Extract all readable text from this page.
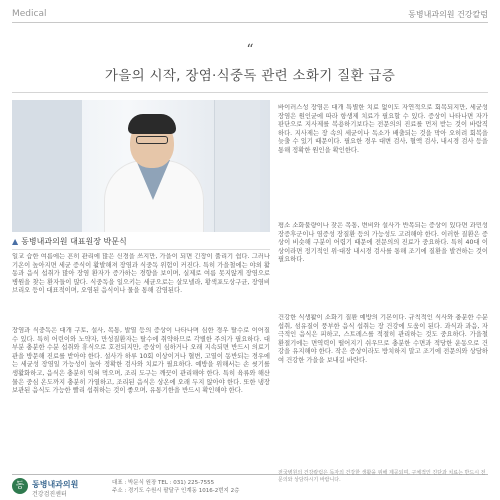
Medical	동병내과의원 건강칼럼
“
가을의 시작, 장염·식중독 관련 소화기 질환 급증
▲ 동병내과의원 대표원장 박문식
일교 습한 여름에는 흔히 관리에 많은 신경을 쓰지만, 가을이 되면 긴장이 풀리기 쉽다. 그러나 기온이 높아지면 세균 증식이 활발해져 장염과 식중독 위험이 커진다. 특히 가을철에는 야외 활동과 음식 섭취가 많아 장염 환자가 증가하는 경향을 보이며, 실제로 여름 못지않게 장염으로 병원을 찾는 환자들이 많다. 식중독을 일으키는 세균으로는 살모넬라, 황색포도상구균, 장염비브리오 등이 대표적이며, 오염된 음식이나 물을 통해 감염된다.
장염과 식중독은 대개 구토, 설사, 복통, 발열 등의 증상이 나타나며 심한 경우 탈수로 이어질 수 있다. 특히 어린이와 노약자, 만성질환자는 탈수에 취약하므로 각별한 주의가 필요하다. 대부분 충분한 수분 섭취와 휴식으로 호전되지만, 증상이 심하거나 오래 지속되면 반드시 의료기관을 방문해 진료를 받아야 한다. 설사가 하루 10회 이상이거나 혈변, 고열이 동반되는 경우에는 세균성 장염일 가능성이 높아 정확한 검사와 치료가 필요하다. 예방을 위해서는 손 씻기를 생활화하고, 음식은 충분히 익혀 먹으며, 조리 도구는 깨끗이 관리해야 한다. 특히 육류와 해산물은 중심 온도까지 충분히 가열하고, 조리된 음식은 상온에 오래 두지 않아야 한다. 또한 냉장 보관된 음식도 가능한 빨리 섭취하는 것이 좋으며, 유통기한을 반드시 확인해야 한다.
바이러스성 장염은 대개 특별한 치료 없이도 자연적으로 회복되지만, 세균성 장염은 원인균에 따라 항생제 치료가 필요할 수 있다. 증상이 나타나면 자가 판단으로 지사제를 복용하기보다는 전문의의 진료를 먼저 받는 것이 바람직하다. 지사제는 장 속의 세균이나 독소가 배출되는 것을 막아 오히려 회복을 늦출 수 있기 때문이다. 필요한 경우 대변 검사, 혈액 검사, 내시경 검사 등을 통해 정확한 원인을 확인한다.
평소 소화불량이나 잦은 복통, 변비와 설사가 반복되는 증상이 있다면 과민성 장증후군이나 염증성 장질환 등의 가능성도 고려해야 한다. 이러한 질환은 증상이 비슷해 구분이 어렵기 때문에 전문의의 진료가 중요하다. 특히 40대 이상이라면 정기적인 위·대장 내시경 검사를 통해 조기에 질환을 발견하는 것이 필요하다.
건강한 식생활이 소화기 질환 예방의 기본이다. 규칙적인 식사와 충분한 수분 섭취, 섬유질이 풍부한 음식 섭취는 장 건강에 도움이 된다. 과식과 과음, 자극적인 음식은 피하고, 스트레스를 적절히 관리하는 것도 중요하다. 가을철 환절기에는 면역력이 떨어지기 쉬우므로 충분한 수면과 적당한 운동으로 건강을 유지해야 한다. 작은 증상이라도 방치하지 말고 조기에 전문의와 상담하여 건강한 가을을 보내길 바란다.
동 동병내과의원
건강검진센터
대표 : 박문식 원장 TEL : 031) 225-7555
주소 : 경기도 수원시 팔달구 인계동 1016-2번지 2층
전국병원의 건강칼럼은 독자의 건강한 생활을 위해 제공되며, 구체적인 진단과 치료는 반드시 전문의와 상담하시기 바랍니다.
